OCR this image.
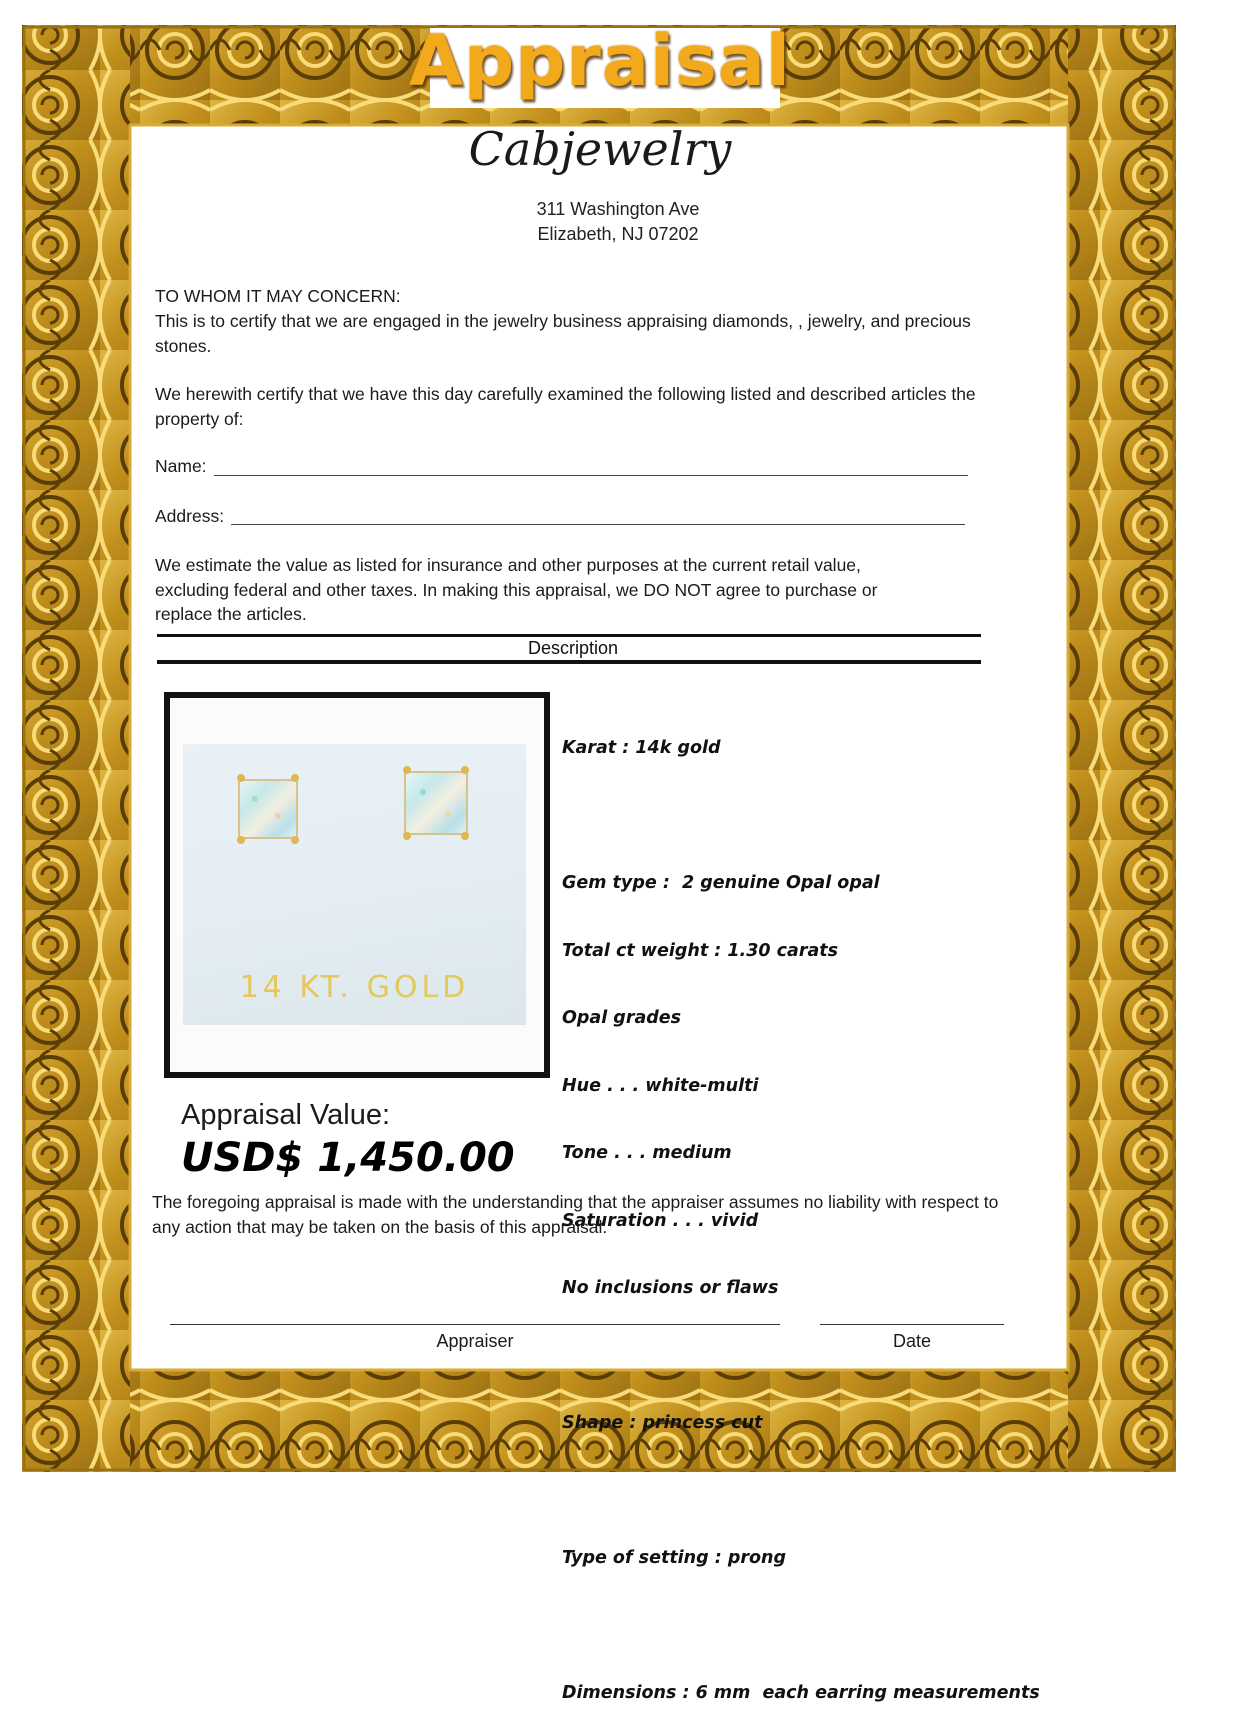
Appraisal
Cabjewelry
311 Washington Ave
Elizabeth, NJ 07202
TO WHOM IT MAY CONCERN:
This is to certify that we are engaged in the jewelry business appraising diamonds, , jewelry, and precious stones.
We herewith certify that we have this day carefully examined the following listed and described articles the property of:
Name:
Address:
We estimate the value as listed for insurance and other purposes at the current retail value, excluding federal and other taxes. In making this appraisal, we DO NOT agree to purchase or replace the articles.
Description
14 KT. GOLD

Karat : 14k gold

Gem type :  2 genuine Opal opal

Total ct weight : 1.30 carats

Opal grades

Hue . . . white-multi

Tone . . . medium

Saturation . . . vivid

No inclusions or flaws

Shape : princess cut

Type of setting : prong

Dimensions : 6 mm  each earring measurements

Appraisal Value:
USD$ 1,450.00
The foregoing appraisal is made with the understanding that the appraiser assumes no liability with respect to any action that may be taken on the basis of this appraisal.
Appraiser	Date
